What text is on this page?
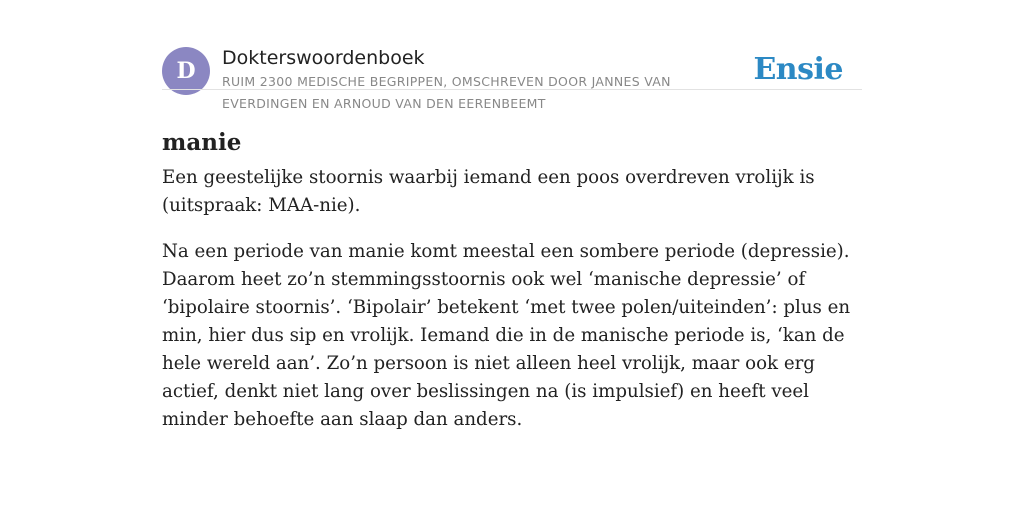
D	Dokterswoordenboek
RUIM 2300 MEDISCHE BEGRIPPEN, OMSCHREVEN DOOR JANNES VAN EVERDINGEN EN ARNOUD VAN DEN EERENBEEMT
Ensie
manie

Een geestelijke stoornis waarbij iemand een poos overdreven vrolijk is (uitspraak: MAA-nie).

Na een periode van manie komt meestal een sombere periode (depressie). Daarom heet zo’n stemmingsstoornis ook wel ‘manische depressie’ of ‘bipolaire stoornis’. ‘Bipolair’ betekent ‘met twee polen/uiteinden’: plus en min, hier dus sip en vrolijk. Iemand die in de manische periode is, ‘kan de hele wereld aan’. Zo’n persoon is niet alleen heel vrolijk, maar ook erg actief, denkt niet lang over beslissingen na (is impulsief) en heeft veel minder behoefte aan slaap dan anders.
